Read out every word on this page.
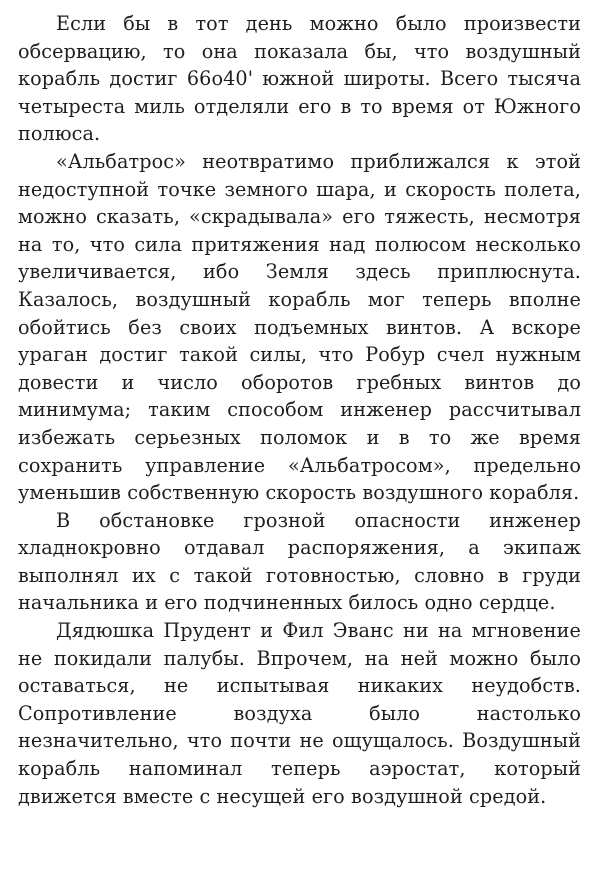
Если бы в тот день можно было произвести обсервацию, то она показала бы, что воздушный корабль достиг 66о40' южной широты. Всего тысяча четыреста миль отделяли его в то время от Южного полюса.

«Альбатрос» неотвратимо приближался к этой недоступной точке земного шара, и скорость полета, можно сказать, «скрадывала» его тяжесть, несмотря на то, что сила притяжения над полюсом несколько увеличивается, ибо Земля здесь приплюснута. Казалось, воздушный корабль мог теперь вполне обойтись без своих подъемных винтов. А вскоре ураган достиг такой силы, что Робур счел нужным довести и число оборотов гребных винтов до минимума; таким способом инженер рассчитывал избежать серьезных поломок и в то же время сохранить управление «Альбатросом», предельно уменьшив собственную скорость воздушного корабля.

В обстановке грозной опасности инженер хладнокровно отдавал распоряжения, а экипаж выполнял их с такой готовностью, словно в груди начальника и его подчиненных билось одно сердце.

Дядюшка Прудент и Фил Эванс ни на мгновение не покидали палубы. Впрочем, на ней можно было оставаться, не испытывая никаких неудобств. Сопротивление воздуха было настолько незначительно, что почти не ощущалось. Воздушный корабль напоминал теперь аэростат, который движется вместе с несущей его воздушной средой.
